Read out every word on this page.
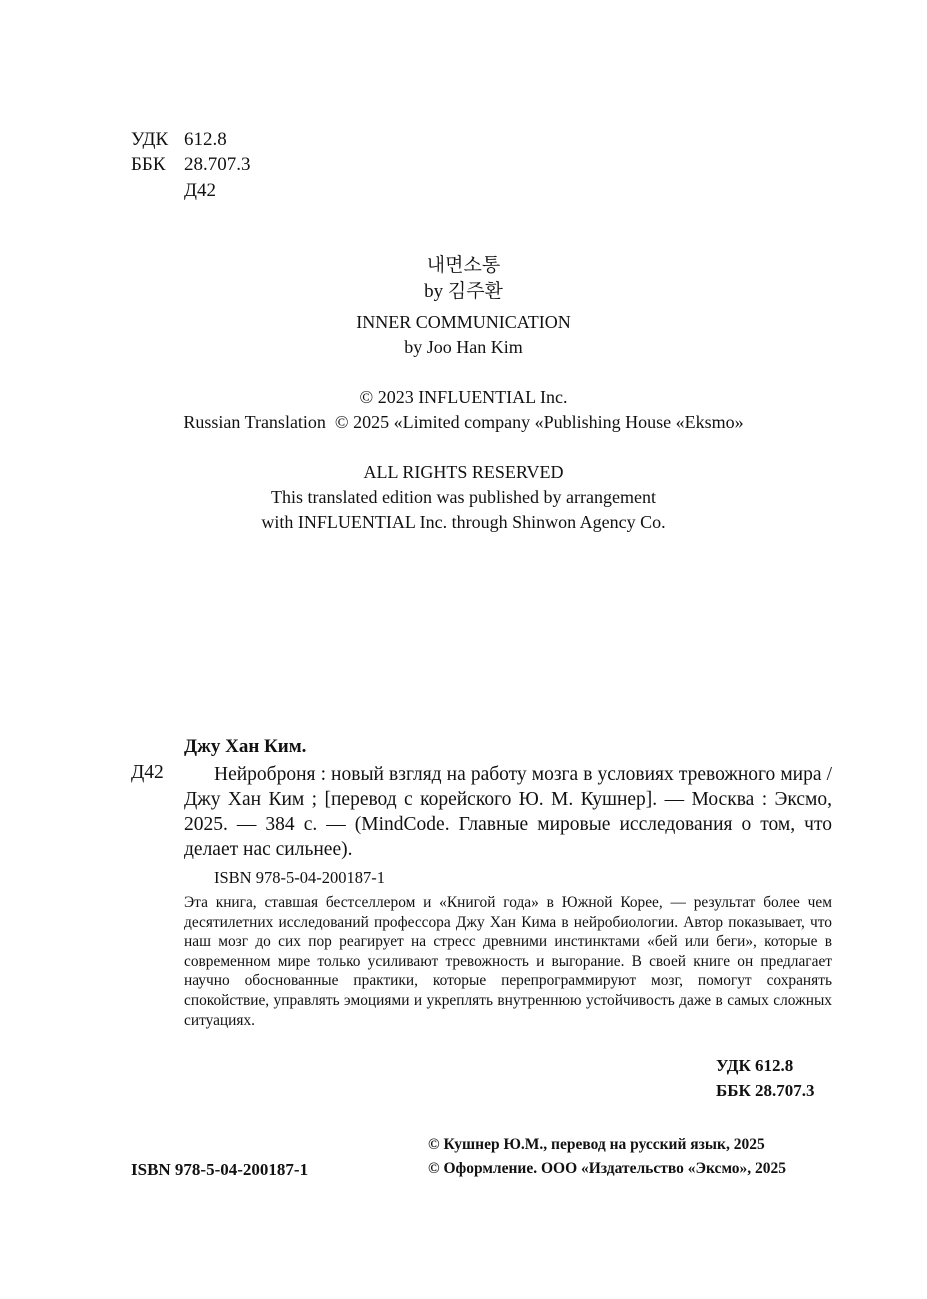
УДК 612.8
ББК 28.707.3
Д42
내면소통
by 김주환
INNER COMMUNICATION
by Joo Han Kim
© 2023 INFLUENTIAL Inc.
Russian Translation  © 2025 «Limited company «Publishing House «Eksmo»
ALL RIGHTS RESERVED
This translated edition was published by arrangement
with INFLUENTIAL Inc. through Shinwon Agency Co.
Джу Хан Ким.
Д42	Нейроброня : новый взгляд на работу мозга в условиях тревожного мира / Джу Хан Ким ; [перевод с корейского Ю. М. Кушнер]. — Москва : Эксмо, 2025. — 384 с. — (MindCode. Главные мировые исследования о том, что делает нас сильнее).
ISBN 978-5-04-200187-1
Эта книга, ставшая бестселлером и «Книгой года» в Южной Корее, — результат более чем десятилетних исследований профессора Джу Хан Кима в нейробиологии. Автор показывает, что наш мозг до сих пор реагирует на стресс древними инстинктами «бей или беги», которые в современном мире только усиливают тревожность и выгорание. В своей книге он предлагает научно обоснованные практики, которые перепрограммируют мозг, помогут сохранять спокойствие, управлять эмоциями и укреплять внутреннюю устойчивость даже в самых сложных ситуациях.
УДК 612.8
ББК 28.707.3
ISBN 978-5-04-200187-1
© Кушнер Ю.М., перевод на русский язык, 2025
© Оформление. ООО «Издательство «Эксмо», 2025
